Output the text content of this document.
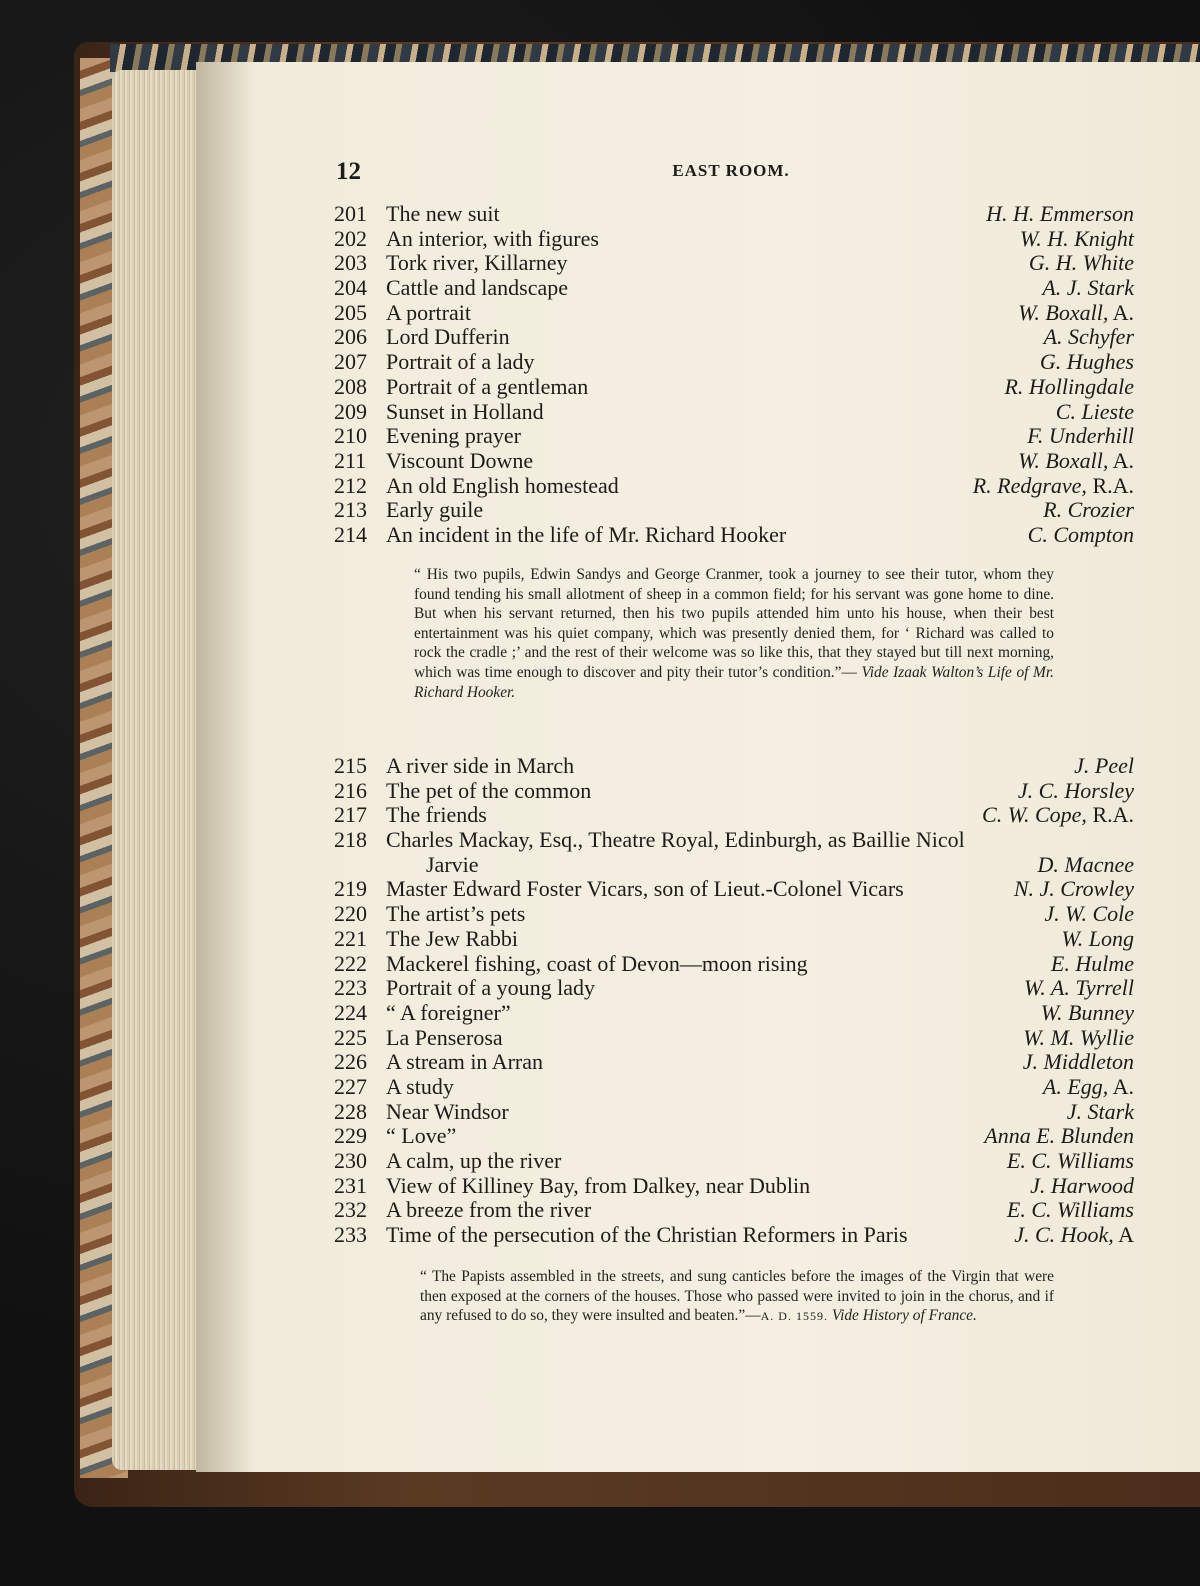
12	EAST ROOM.
201 The new suit	H. H. Emmerson
202 An interior, with figures	W. H. Knight
203 Tork river, Killarney	G. H. White
204 Cattle and landscape	A. J. Stark
205 A portrait	W. Boxall, A.
206 Lord Dufferin	A. Schyfer
207 Portrait of a lady	G. Hughes
208 Portrait of a gentleman	R. Hollingdale
209 Sunset in Holland	C. Lieste
210 Evening prayer	F. Underhill
211 Viscount Downe	W. Boxall, A.
212 An old English homestead	R. Redgrave, R.A.
213 Early guile	R. Crozier
214 An incident in the life of Mr. Richard Hooker	C. Compton
“ His two pupils, Edwin Sandys and George Cranmer, took a journey to see their tutor, whom they found tending his small allotment of sheep in a common field; for his servant was gone home to dine. But when his servant returned, then his two pupils attended him unto his house, when their best entertainment was his quiet company, which was presently denied them, for ‘ Richard was called to rock the cradle ;’ and the rest of their welcome was so like this, that they stayed but till next morning, which was time enough to discover and pity their tutor’s condition.”— Vide Izaak Walton’s Life of Mr. Richard Hooker.
215 A river side in March	J. Peel
216 The pet of the common	J. C. Horsley
217 The friends	C. W. Cope, R.A.
218 Charles Mackay, Esq., Theatre Royal, Edinburgh, as Baillie Nicol
Jarvie	D. Macnee
219 Master Edward Foster Vicars, son of Lieut.-Colonel Vicars	N. J. Crowley
220 The artist’s pets	J. W. Cole
221 The Jew Rabbi	W. Long
222 Mackerel fishing, coast of Devon—moon rising	E. Hulme
223 Portrait of a young lady	W. A. Tyrrell
224 “ A foreigner”	W. Bunney
225 La Penserosa	W. M. Wyllie
226 A stream in Arran	J. Middleton
227 A study	A. Egg, A.
228 Near Windsor	J. Stark
229 “ Love”	Anna E. Blunden
230 A calm, up the river	E. C. Williams
231 View of Killiney Bay, from Dalkey, near Dublin	J. Harwood
232 A breeze from the river	E. C. Williams
233 Time of the persecution of the Christian Reformers in Paris	J. C. Hook, A
“ The Papists assembled in the streets, and sung canticles before the images of the Virgin that were then exposed at the corners of the houses. Those who passed were invited to join in the chorus, and if any refused to do so, they were insulted and beaten.”—A. D. 1559. Vide History of France.
